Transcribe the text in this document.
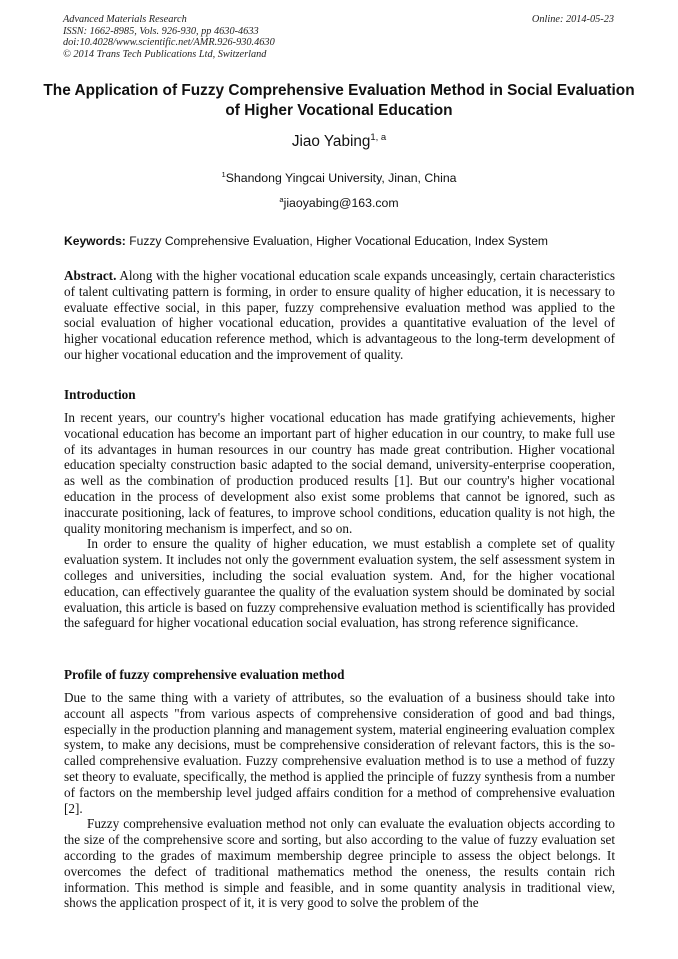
Advanced Materials Research
ISSN: 1662-8985, Vols. 926-930, pp 4630-4633
doi:10.4028/www.scientific.net/AMR.926-930.4630
© 2014 Trans Tech Publications Ltd, Switzerland
Online: 2014-05-23
The Application of Fuzzy Comprehensive Evaluation Method in Social Evaluation of Higher Vocational Education
Jiao Yabing$^{1, a}$
$^1$Shandong Yingcai University, Jinan, China
$^a$jiaoyabing@163.com
Keywords: Fuzzy Comprehensive Evaluation, Higher Vocational Education, Index System

Abstract. Along with the higher vocational education scale expands unceasingly, certain characteristics of talent cultivating pattern is forming, in order to ensure quality of higher education, it is necessary to evaluate effective social, in this paper, fuzzy comprehensive evaluation method was applied to the social evaluation of higher vocational education, provides a quantitative evaluation of the level of higher vocational education reference method, which is advantageous to the long-term development of our higher vocational education and the improvement of quality.

Introduction

In recent years, our country's higher vocational education has made gratifying achievements, higher vocational education has become an important part of higher education in our country, to make full use of its advantages in human resources in our country has made great contribution. Higher vocational education specialty construction basic adapted to the social demand, university-enterprise cooperation, as well as the combination of production produced results [1]. But our country's higher vocational education in the process of development also exist some problems that cannot be ignored, such as inaccurate positioning, lack of features, to improve school conditions, education quality is not high, the quality monitoring mechanism is imperfect, and so on.

In order to ensure the quality of higher education, we must establish a complete set of quality evaluation system. It includes not only the government evaluation system, the self assessment system in colleges and universities, including the social evaluation system. And, for the higher vocational education, can effectively guarantee the quality of the evaluation system should be dominated by social evaluation, this article is based on fuzzy comprehensive evaluation method is scientifically has provided the safeguard for higher vocational education social evaluation, has strong reference significance.

Profile of fuzzy comprehensive evaluation method

Due to the same thing with a variety of attributes, so the evaluation of a business should take into account all aspects "from various aspects of comprehensive consideration of good and bad things, especially in the production planning and management system, material engineering evaluation complex system, to make any decisions, must be comprehensive consideration of relevant factors, this is the so-called comprehensive evaluation. Fuzzy comprehensive evaluation method is to use a method of fuzzy set theory to evaluate, specifically, the method is applied the principle of fuzzy synthesis from a number of factors on the membership level judged affairs condition for a method of comprehensive evaluation [2].

Fuzzy comprehensive evaluation method not only can evaluate the evaluation objects according to the size of the comprehensive score and sorting, but also according to the value of fuzzy evaluation set according to the grades of maximum membership degree principle to assess the object belongs. It overcomes the defect of traditional mathematics method the oneness, the results contain rich information. This method is simple and feasible, and in some quantity analysis in traditional view, shows the application prospect of it, it is very good to solve the problem of the
